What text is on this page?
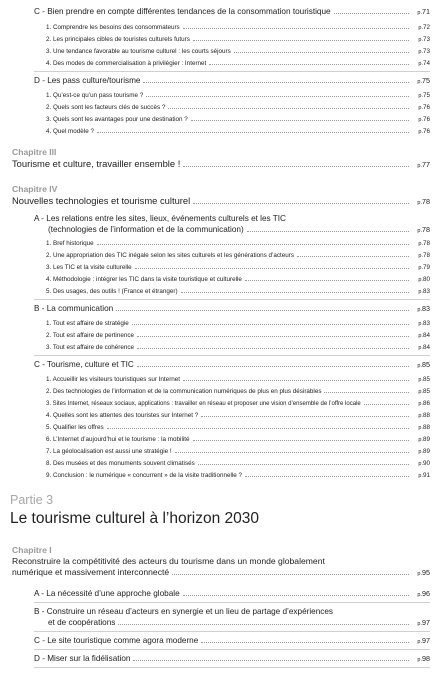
C - Bien prendre en compte différentes tendances de la consommation touristique	p.71
1. Comprendre les besoins des consommateurs	p.72
2. Les principales cibles de touristes culturels futurs	p.73
3. Une tendance favorable au tourisme culturel : les courts séjours	p.73
4. Des modes de commercialisation à privilégier : Internet	p.74
D - Les pass culture/tourisme	p.75
1. Qu’est-ce qu’un pass tourisme ?	p.75
2. Quels sont les facteurs clés de succès ?	p.76
3. Quels sont les avantages pour une destination ?	p.76
4. Quel modèle ?	p.76
Chapitre III
Tourisme et culture, travailler ensemble !	p.77
Chapitre IV
Nouvelles technologies et tourisme culturel	p.78
A - Les relations entre les sites, lieux, événements culturels et les TIC
(technologies de l’information et de la communication)	p.78
1. Bref historique	p.78
2. Une appropriation des TIC inégale selon les sites culturels et les générations d’acteurs	p.78
3. Les TIC et la visite culturelle	p.79
4. Méthodologie : intégrer les TIC dans la visite touristique et culturelle	p.80
5. Des usages, des outils ! (France et étranger)	p.83
B - La communication	p.83
1. Tout est affaire de stratégie	p.83
2. Tout est affaire de pertinence	p.84
3. Tout est affaire de cohérence	p.84
C - Tourisme, culture et TIC	p.85
1. Accueillir les visiteurs touristiques sur Internet	p.85
2. Des technologies de l’information et de la communication numériques de plus en plus désirables	p.85
3. Sites Internet, réseaux sociaux, applications : travailler en réseau et proposer une vision d’ensemble de l’offre locale	p.86
4. Quelles sont les attentes des touristes sur Internet ?	p.88
5. Qualifier les offres	p.88
6. L’Internet d’aujourd’hui et le tourisme : la mobilité	p.89
7. La géolocalisation est aussi une stratégie !	p.89
8. Des musées et des monuments souvent climatisés	p.90
9. Conclusion : le numérique « concurrent » de la visite traditionnelle ?	p.91
Partie 3
Le tourisme culturel à l’horizon 2030
Chapitre I
Reconstruire la compétitivité des acteurs du tourisme dans un monde globalement
numérique et massivement interconnecté	p.95
A - La nécessité d’une approche globale	p.96
B - Construire un réseau d’acteurs en synergie et un lieu de partage d’expériences
et de coopérations	p.97
C - Le site touristique comme agora moderne	p.97
D - Miser sur la fidélisation	p.98
